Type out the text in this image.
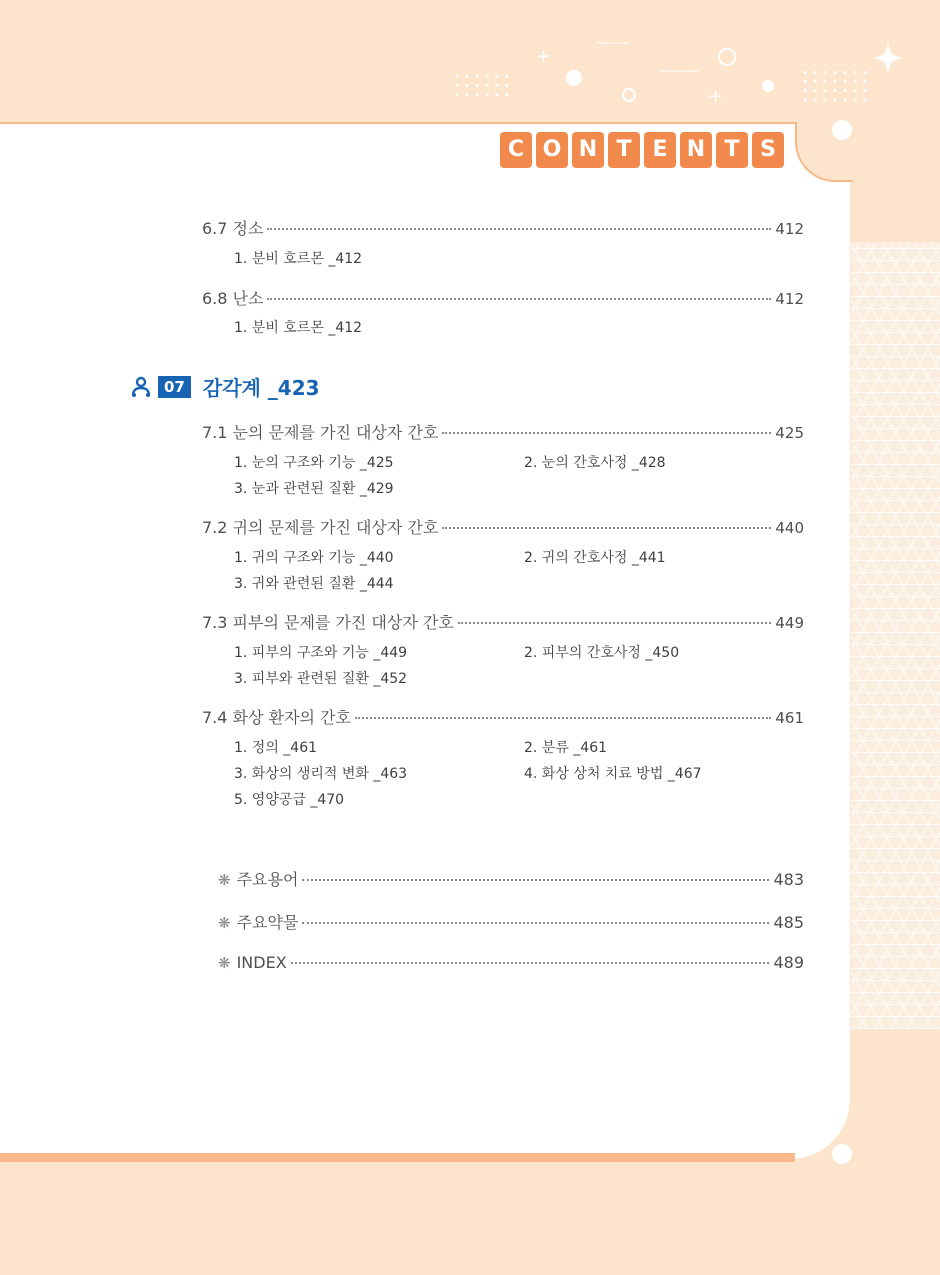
+
+
~~~~
~~~~~
C O N T E N T S
6.7 정소	412
1. 분비 호르몬 _412
6.8 난소	412
1. 분비 호르몬 _412
07 감각계 _423
7.1 눈의 문제를 가진 대상자 간호	425
1. 눈의 구조와 기능 _425	2. 눈의 간호사정 _428
3. 눈과 관련된 질환 _429
7.2 귀의 문제를 가진 대상자 간호	440
1. 귀의 구조와 기능 _440	2. 귀의 간호사정 _441
3. 귀와 관련된 질환 _444
7.3 피부의 문제를 가진 대상자 간호	449
1. 피부의 구조와 기능 _449	2. 피부의 간호사정 _450
3. 피부와 관련된 질환 _452
7.4 화상 환자의 간호	461
1. 정의 _461	2. 분류 _461
3. 화상의 생리적 변화 _463	4. 화상 상처 치료 방법 _467
5. 영양공급 _470
❋ 주요용어	483
❋ 주요약물	485
❋ INDEX	489
